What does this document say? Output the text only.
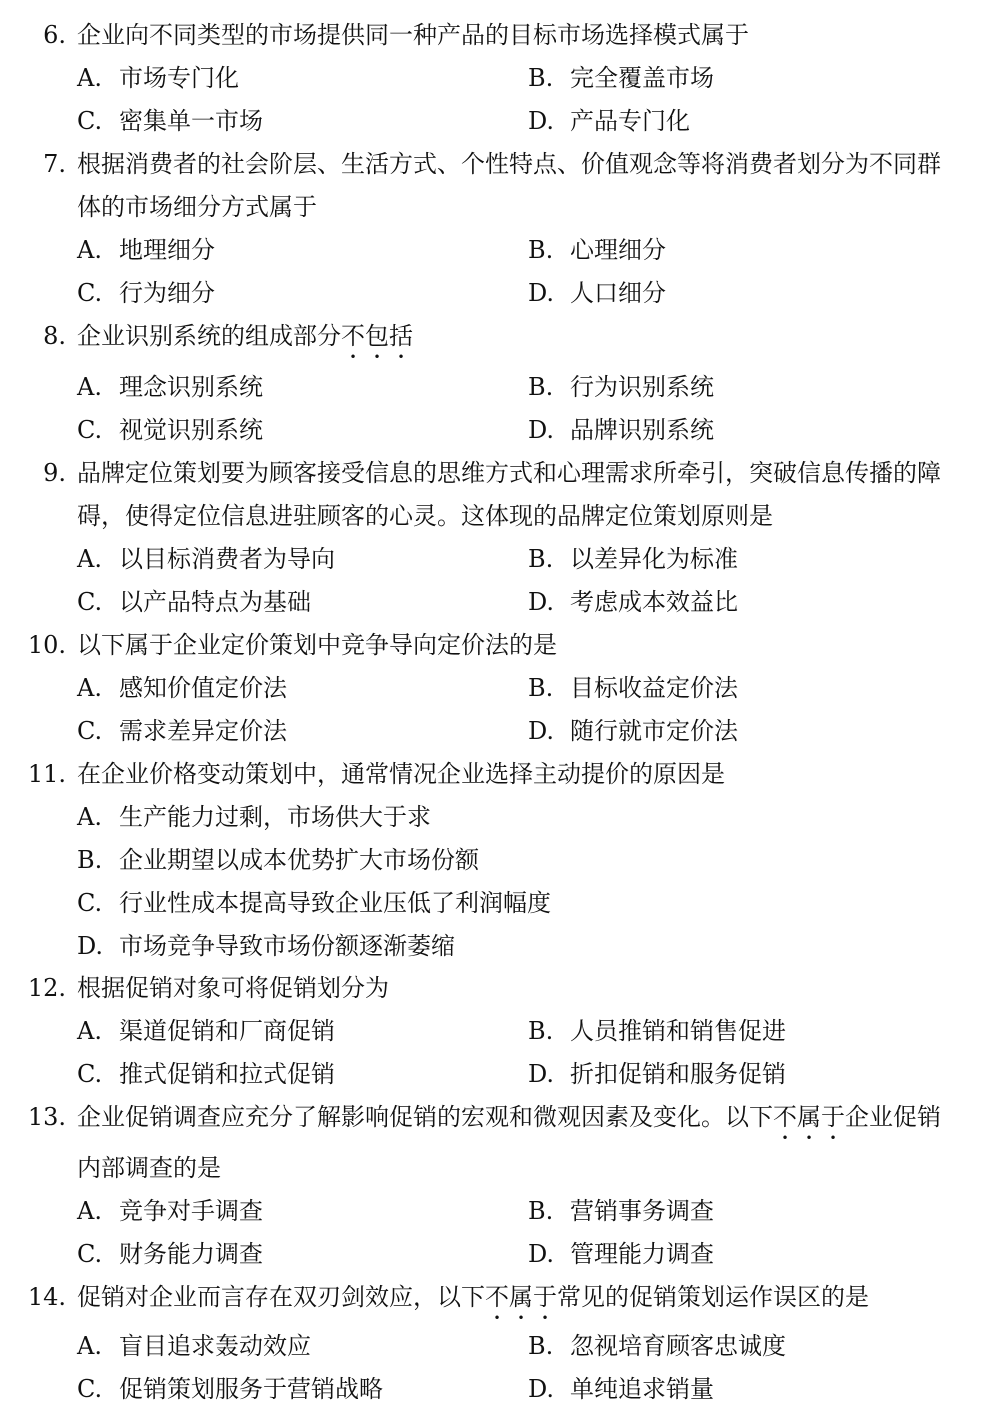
6. 企业向不同类型的市场提供同一种产品的目标市场选择模式属于
A. 市场专门化	B. 完全覆盖市场
C. 密集单一市场	D. 产品专门化
7. 根据消费者的社会阶层、生活方式、个性特点、价值观念等将消费者划分为不同群
体的市场细分方式属于
A. 地理细分	B. 心理细分
C. 行为细分	D. 人口细分
8. 企业识别系统的组成部分不包括
A. 理念识别系统	B. 行为识别系统
C. 视觉识别系统	D. 品牌识别系统
9. 品牌定位策划要为顾客接受信息的思维方式和心理需求所牵引，突破信息传播的障
碍，使得定位信息进驻顾客的心灵。这体现的品牌定位策划原则是
A. 以目标消费者为导向	B. 以差异化为标准
C. 以产品特点为基础	D. 考虑成本效益比
10. 以下属于企业定价策划中竞争导向定价法的是
A. 感知价值定价法	B. 目标收益定价法
C. 需求差异定价法	D. 随行就市定价法
11. 在企业价格变动策划中，通常情况企业选择主动提价的原因是
A. 生产能力过剩，市场供大于求
B. 企业期望以成本优势扩大市场份额
C. 行业性成本提高导致企业压低了利润幅度
D. 市场竞争导致市场份额逐渐萎缩
12. 根据促销对象可将促销划分为
A. 渠道促销和厂商促销	B. 人员推销和销售促进
C. 推式促销和拉式促销	D. 折扣促销和服务促销
13. 企业促销调查应充分了解影响促销的宏观和微观因素及变化。以下不属于企业促销
内部调查的是
A. 竞争对手调查	B. 营销事务调查
C. 财务能力调查	D. 管理能力调查
14. 促销对企业而言存在双刃剑效应，以下不属于常见的促销策划运作误区的是
A. 盲目追求轰动效应	B. 忽视培育顾客忠诚度
C. 促销策划服务于营销战略	D. 单纯追求销量
